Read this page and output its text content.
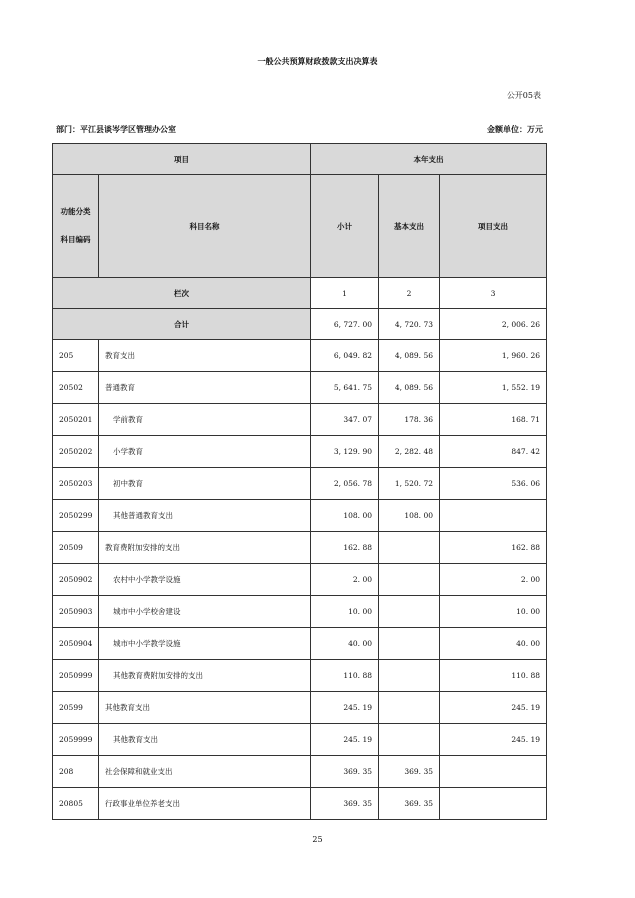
一般公共预算财政拨款支出决算表
公开05表
部门：平江县谈岑学区管理办公室	金额单位：万元
项目		本年支出		

功能分类
科目编码	科目名称	小计	基本支出	项目支出
栏次		1	2	3
合计		6, 727. 00	4, 720. 73	2, 006. 26
205	教育支出	6, 049. 82	4, 089. 56	1, 960. 26
20502	普通教育	5, 641. 75	4, 089. 56	1, 552. 19
2050201	学前教育	347. 07	178. 36	168. 71
2050202	小学教育	3, 129. 90	2, 282. 48	847. 42
2050203	初中教育	2, 056. 78	1, 520. 72	536. 06
2050299	其他普通教育支出	108. 00	108. 00	
20509	教育费附加安排的支出	162. 88		162. 88
2050902	农村中小学教学设施	2. 00		2. 00
2050903	城市中小学校舍建设	10. 00		10. 00
2050904	城市中小学教学设施	40. 00		40. 00
2050999	其他教育费附加安排的支出	110. 88		110. 88
20599	其他教育支出	245. 19		245. 19
2059999	其他教育支出	245. 19		245. 19
208	社会保障和就业支出	369. 35	369. 35	
20805	行政事业单位养老支出	369. 35	369. 35	
25
